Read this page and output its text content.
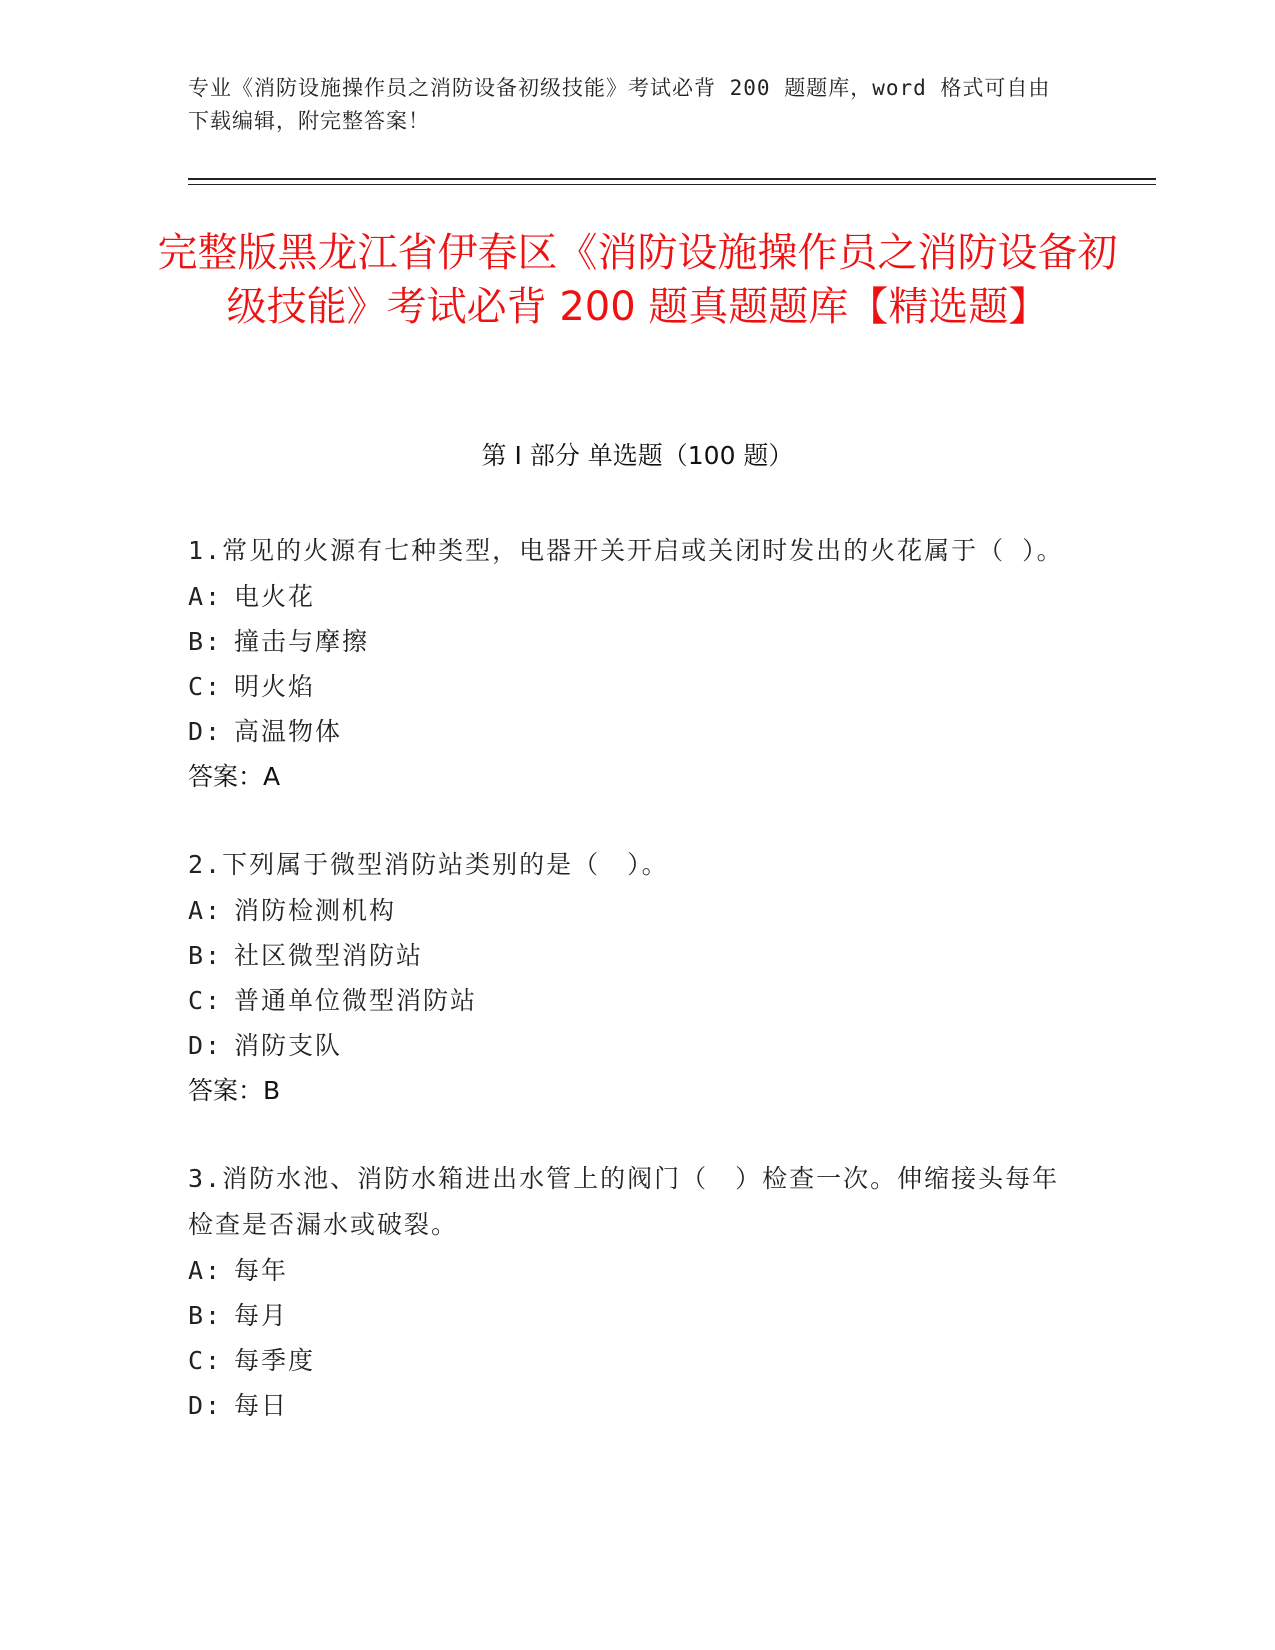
专业《消防设施操作员之消防设备初级技能》考试必背 200 题题库，word 格式可自由下载编辑，附完整答案！
完整版黑龙江省伊春区《消防设施操作员之消防设备初级技能》考试必背 200 题真题题库【精选题】
第 I 部分 单选题（100 题）
1.常见的火源有七种类型，电器开关开启或关闭时发出的火花属于（ ）。
A: 电火花
B: 撞击与摩擦
C: 明火焰
D: 高温物体
答案：A
2.下列属于微型消防站类别的是（　）。
A: 消防检测机构
B: 社区微型消防站
C: 普通单位微型消防站
D: 消防支队
答案：B
3.消防水池、消防水箱进出水管上的阀门（　）检查一次。伸缩接头每年检查是否漏水或破裂。
A: 每年
B: 每月
C: 每季度
D: 每日
